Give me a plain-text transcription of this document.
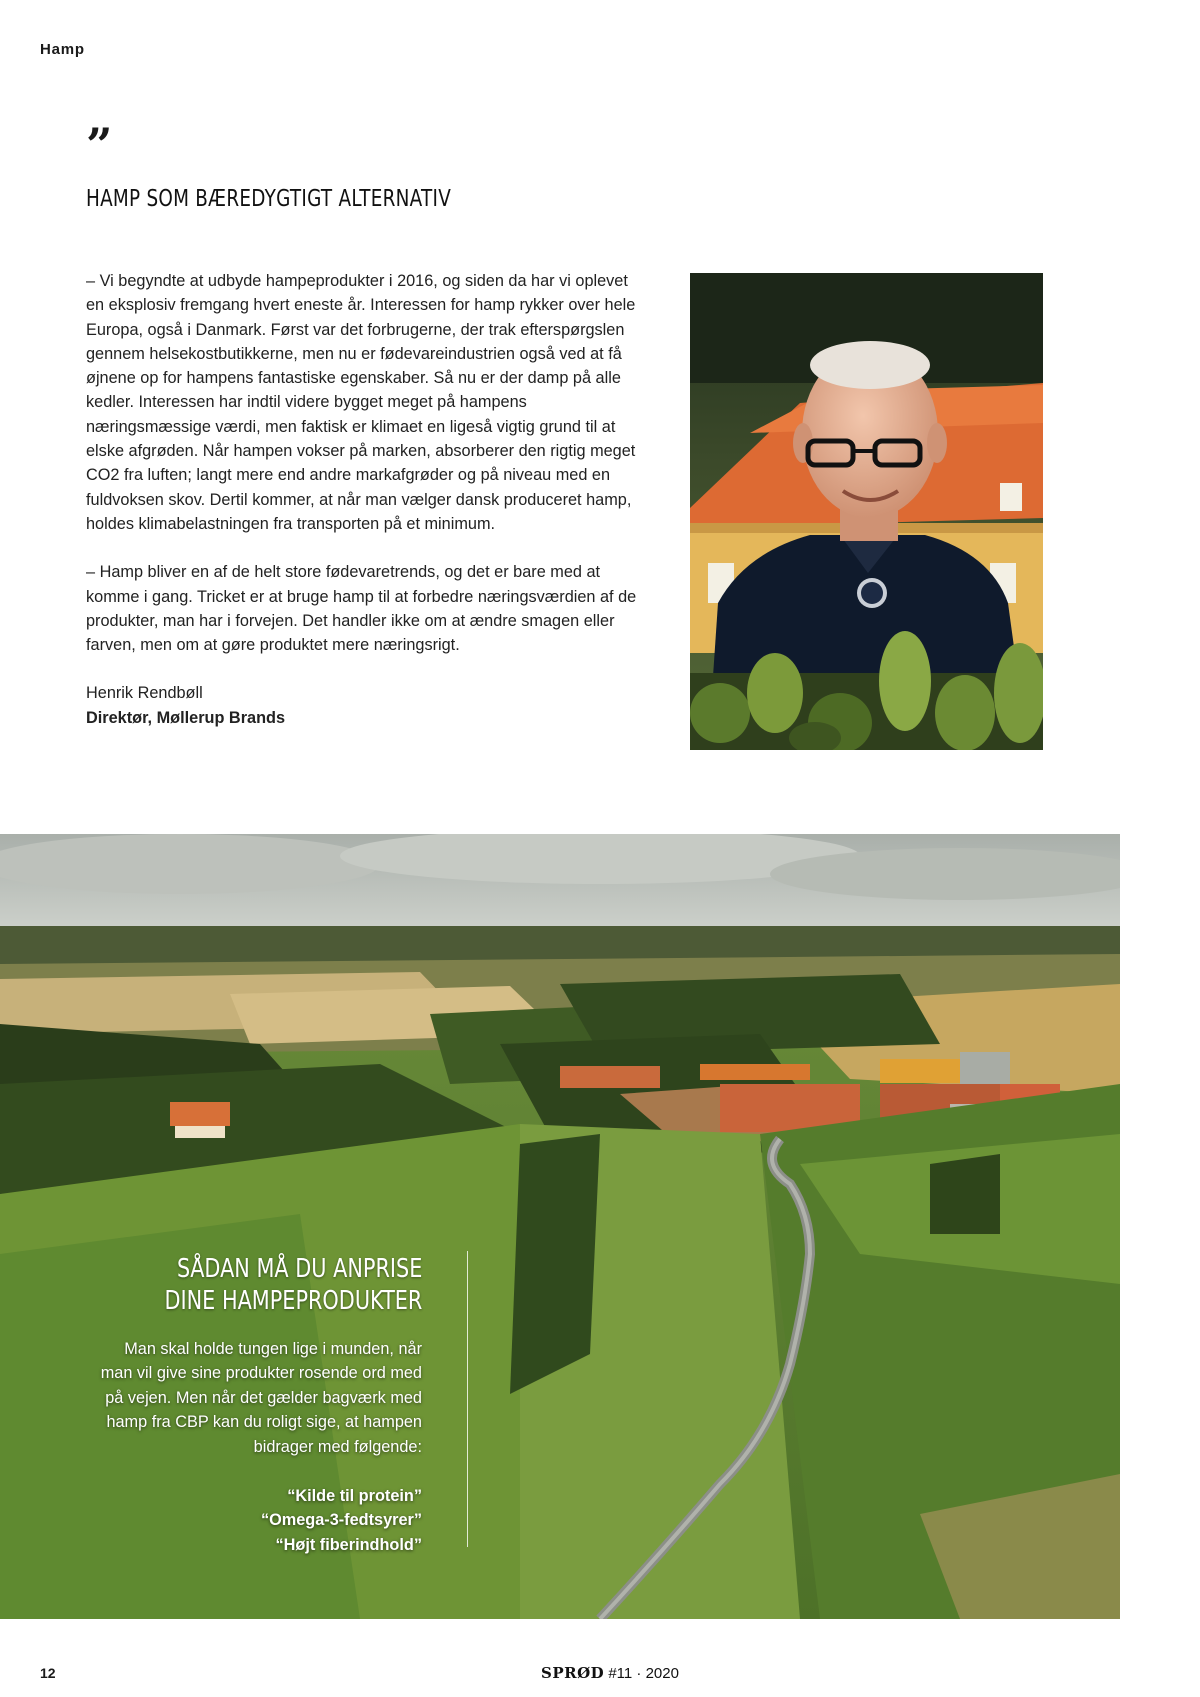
Hamp
”
HAMP SOM BÆREDYGTIGT ALTERNATIV

– Vi begyndte at udbyde hampeprodukter i 2016, og siden da har vi oplevet en eksplosiv fremgang hvert eneste år. Interessen for hamp rykker over hele Europa, også i Danmark. Først var det forbrugerne, der trak efterspørgslen gennem helsekostbutikkerne, men nu er fødevareindustrien også ved at få øjnene op for hampens fantastiske egenskaber. Så nu er der damp på alle kedler. Interessen har indtil videre bygget meget på hampens næringsmæssige værdi, men faktisk er klimaet en ligeså vigtig grund til at elske afgrøden. Når hampen vokser på marken, absorberer den rigtig meget CO2 fra luften; langt mere end andre markafgrøder og på niveau med en fuldvoksen skov. Dertil kommer, at når man vælger dansk produceret hamp, holdes klimabelastningen fra transporten på et minimum.

– Hamp bliver en af de helt store fødevaretrends, og det er bare med at komme i gang. Tricket er at bruge hamp til at forbedre næringsværdien af de produkter, man har i forvejen. Det handler ikke om at ændre smagen eller farven, men om at gøre produktet mere næringsrigt.

Henrik Rendbøll
Direktør, Møllerup Brands
SÅDAN MÅ DU ANPRISE
DINE HAMPEPRODUKTER
Man skal holde tungen lige i munden, når man vil give sine produkter rosende ord med på vejen. Men når det gælder bagværk med hamp fra CBP kan du roligt sige, at hampen bidrager med følgende:
“Kilde til protein”
“Omega-3-fedtsyrer”
“Højt fiberindhold”
12	SPRØD #11 · 2020
